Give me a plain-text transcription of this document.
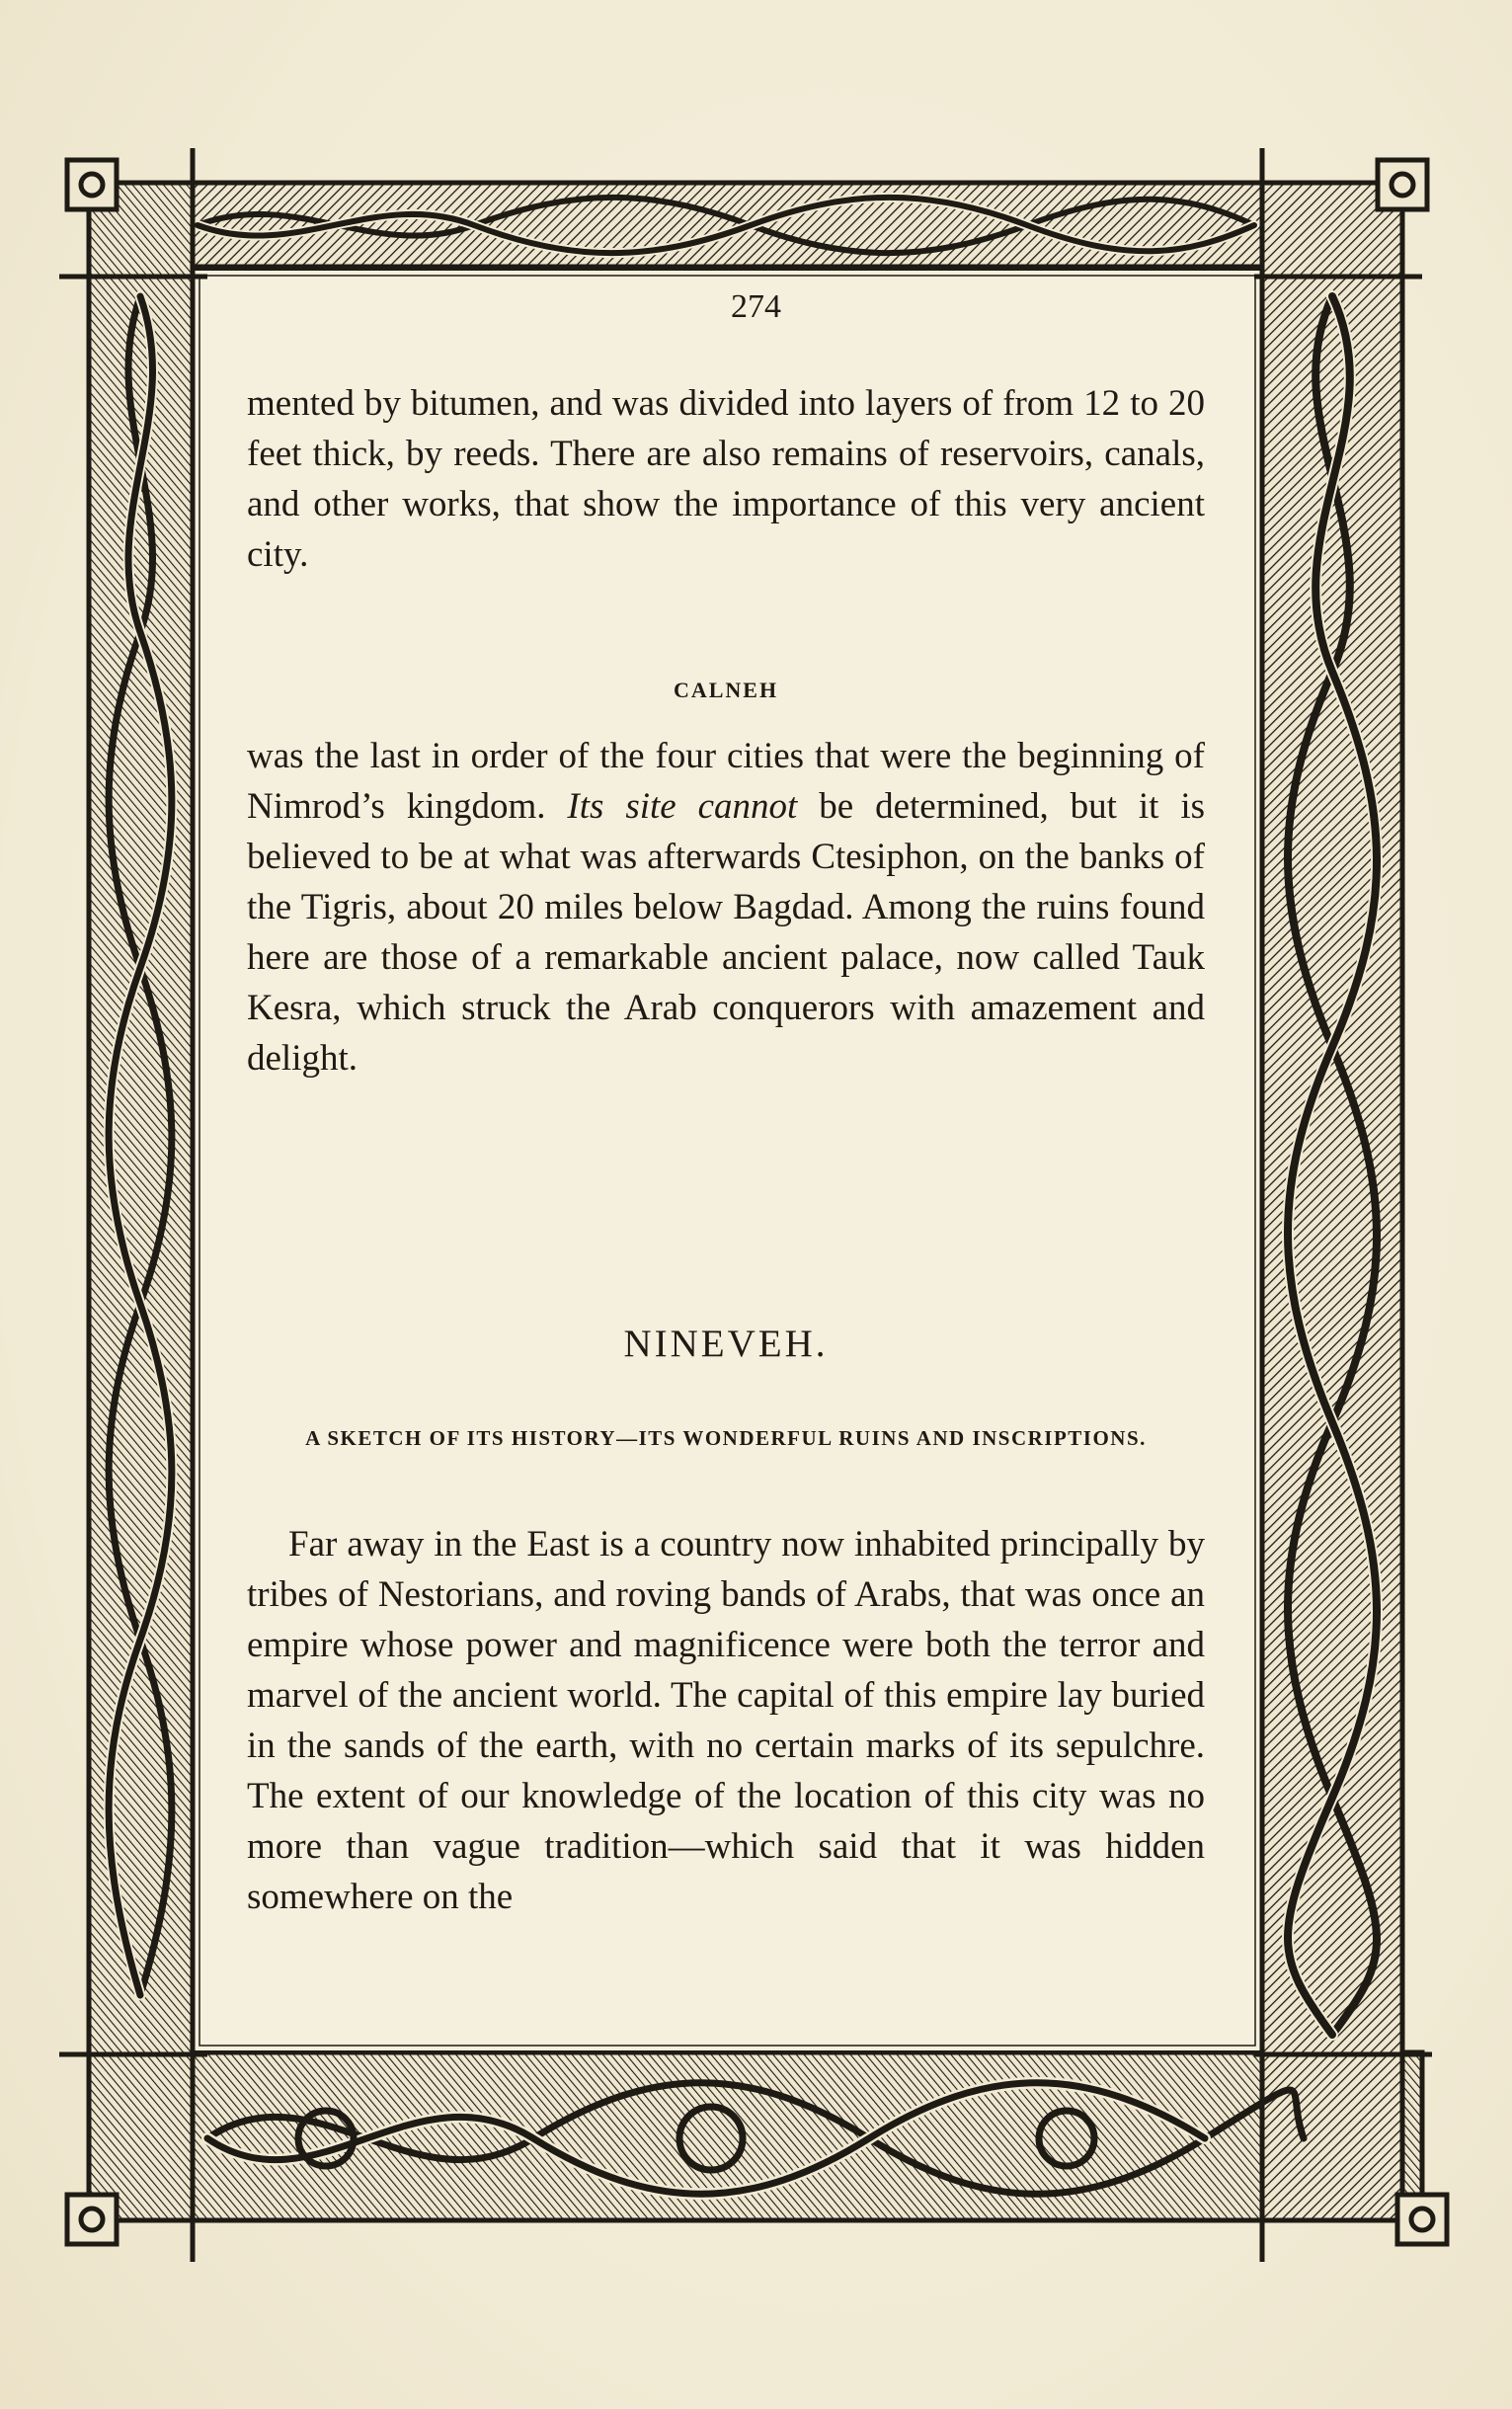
274

mented by bitumen, and was divided into layers of from 12 to 20 feet thick, by reeds. There are also remains of reservoirs, canals, and other works, that show the importance of this very ancient city.

CALNEH

was the last in order of the four cities that were the beginning of Nimrod’s kingdom. Its site cannot be determined, but it is believed to be at what was afterwards Ctesiphon, on the banks of the Tigris, about 20 miles below Bagdad. Among the ruins found here are those of a remarkable ancient palace, now called Tauk Kesra, which struck the Arab conquerors with amazement and delight.

NINEVEH.
A SKETCH OF ITS HISTORY—ITS WONDERFUL RUINS AND INSCRIPTIONS.

Far away in the East is a country now inhabited principally by tribes of Nestorians, and roving bands of Arabs, that was once an empire whose power and magnificence were both the terror and marvel of the ancient world. The capital of this empire lay buried in the sands of the earth, with no certain marks of its sepulchre. The extent of our knowledge of the location of this city was no more than vague tradition—which said that it was hidden somewhere on the
